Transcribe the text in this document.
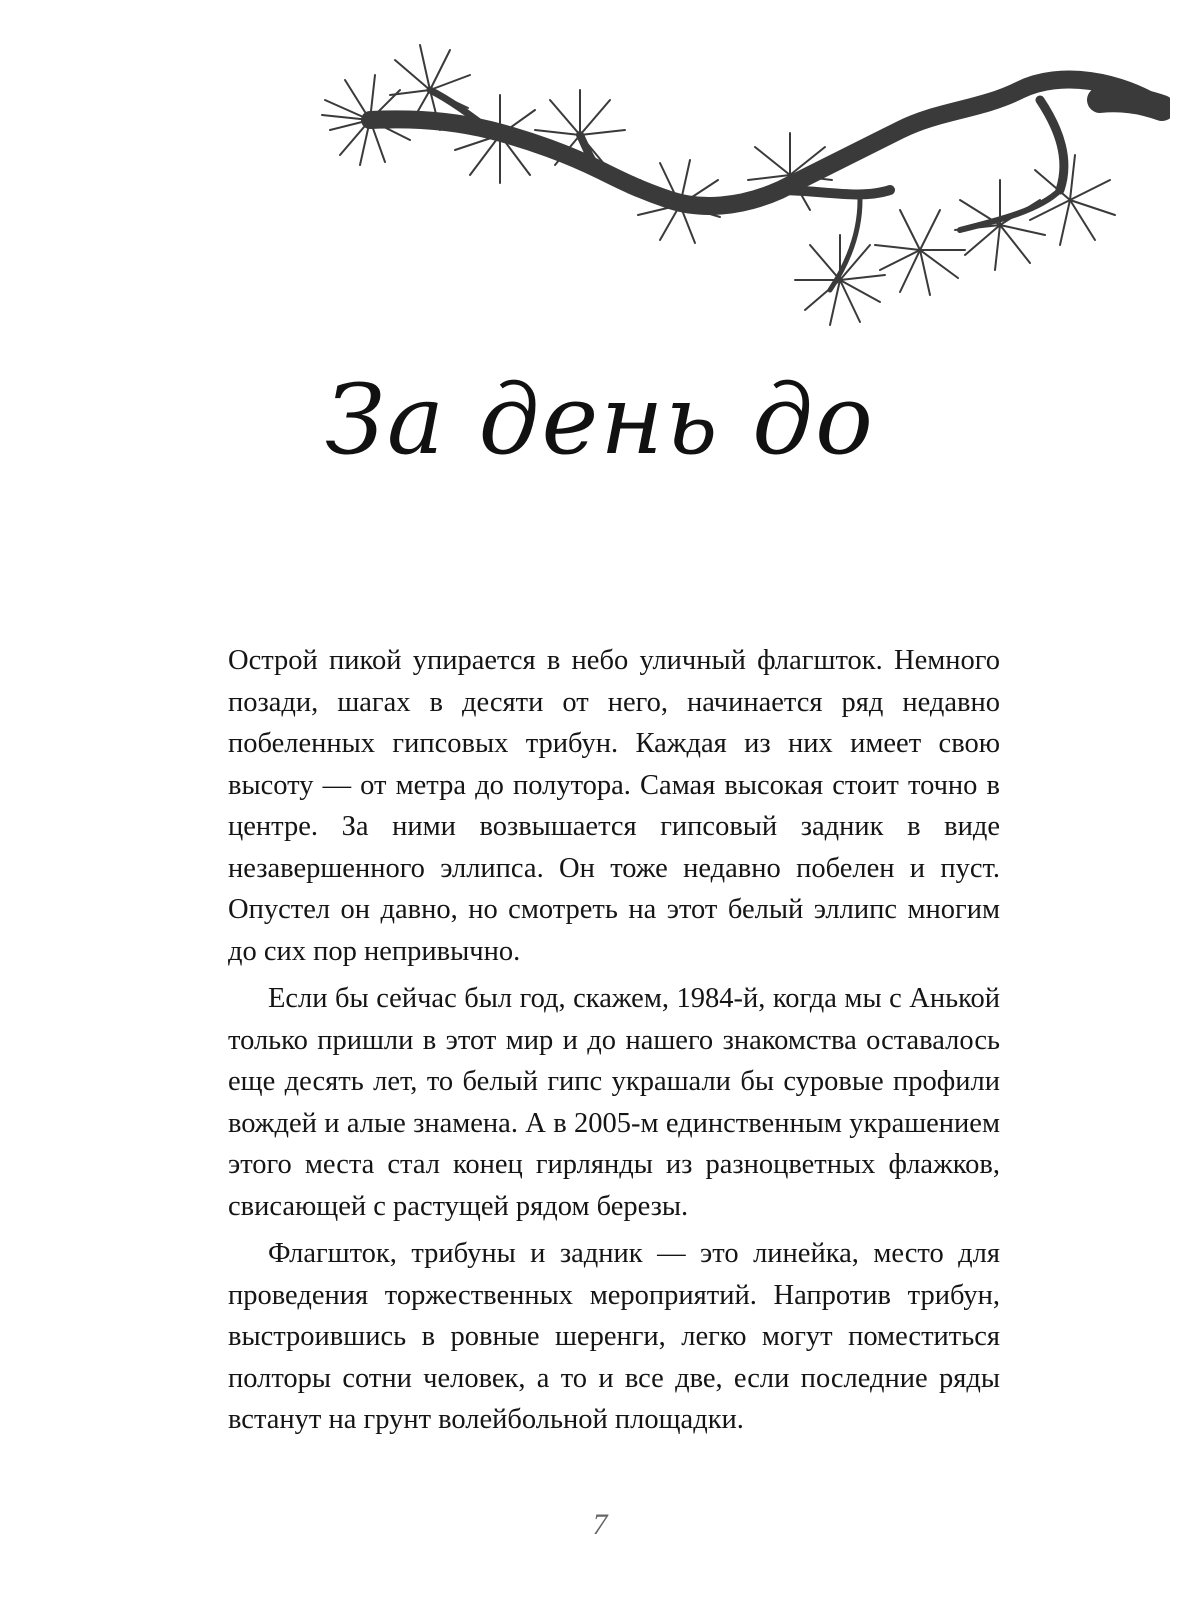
За день до

Острой пикой упирается в небо уличный флагшток. Немного позади, шагах в десяти от него, начинается ряд недавно побеленных гипсовых трибун. Каждая из них имеет свою высоту — от метра до полутора. Самая высокая стоит точно в центре. За ними возвышается гипсовый задник в виде незавершенного эллипса. Он тоже недавно побелен и пуст. Опустел он давно, но смотреть на этот белый эллипс многим до сих пор непривычно.

Если бы сейчас был год, скажем, 1984-й, когда мы с Анькой только пришли в этот мир и до нашего знакомства оставалось еще десять лет, то белый гипс украшали бы суровые профили вождей и алые знамена. А в 2005-м единственным украшением этого места стал конец гирлянды из разноцветных флажков, свисающей с растущей рядом березы.

Флагшток, трибуны и задник — это линейка, место для проведения торжественных мероприятий. Напротив трибун, выстроившись в ровные шеренги, легко могут поместиться полторы сотни человек, а то и все две, если последние ряды встанут на грунт волейбольной площадки.

7
